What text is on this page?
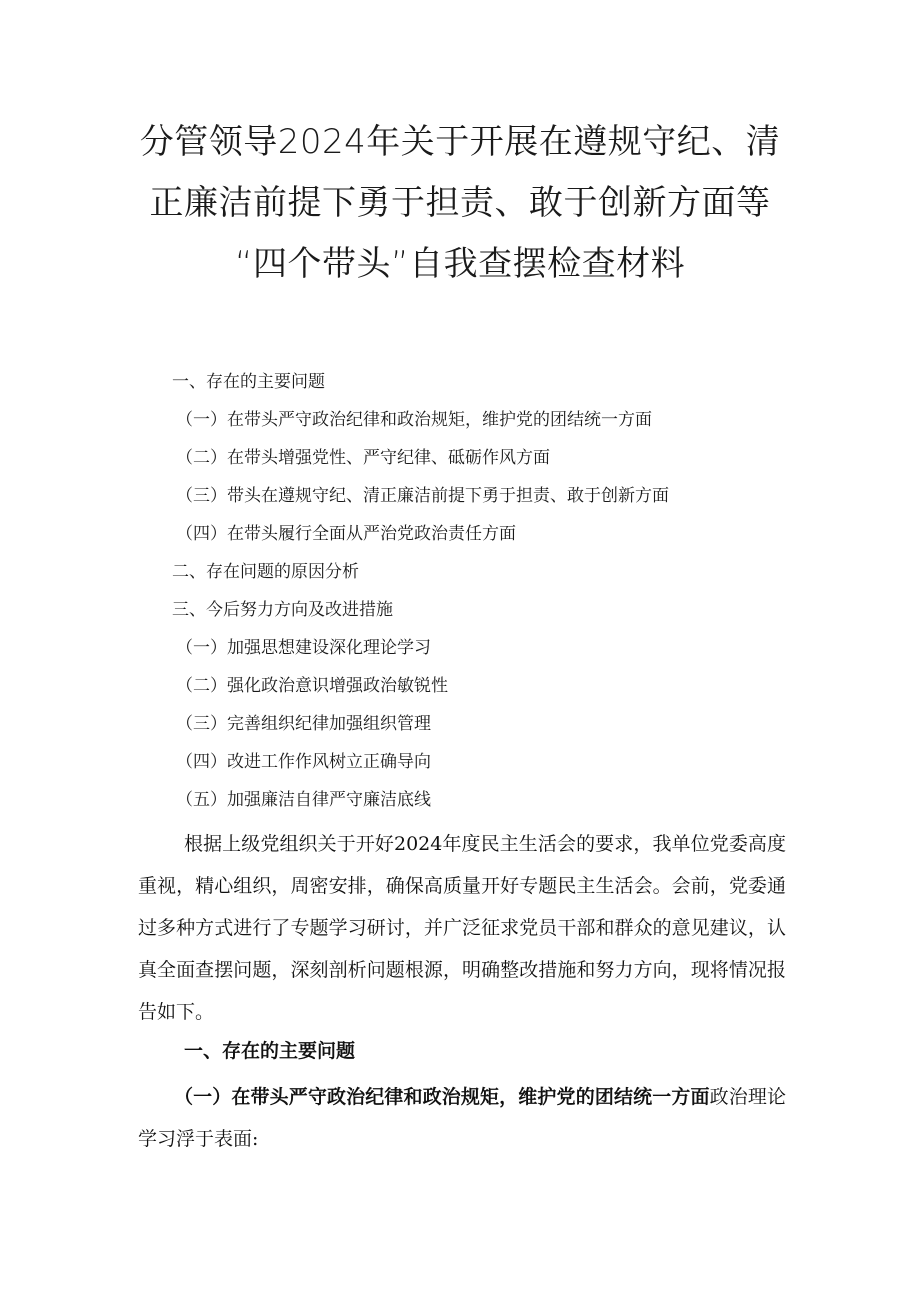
分管领导2024年关于开展在遵规守纪、清
正廉洁前提下勇于担责、敢于创新方面等
“四个带头”自我查摆检查材料
一、存在的主要问题
（一）在带头严守政治纪律和政治规矩，维护党的团结统一方面
（二）在带头增强党性、严守纪律、砥砺作风方面
（三）带头在遵规守纪、清正廉洁前提下勇于担责、敢于创新方面
（四）在带头履行全面从严治党政治责任方面
二、存在问题的原因分析
三、今后努力方向及改进措施
（一）加强思想建设深化理论学习
（二）强化政治意识增强政治敏锐性
（三）完善组织纪律加强组织管理
（四）改进工作作风树立正确导向
（五）加强廉洁自律严守廉洁底线

根据上级党组织关于开好2024年度民主生活会的要求，我单位党委高度重视，精心组织，周密安排，确保高质量开好专题民主生活会。会前，党委通过多种方式进行了专题学习研讨，并广泛征求党员干部和群众的意见建议，认真全面查摆问题，深刻剖析问题根源，明确整改措施和努力方向，现将情况报告如下。

一、存在的主要问题

（一）在带头严守政治纪律和政治规矩，维护党的团结统一方面政治理论学习浮于表面:
